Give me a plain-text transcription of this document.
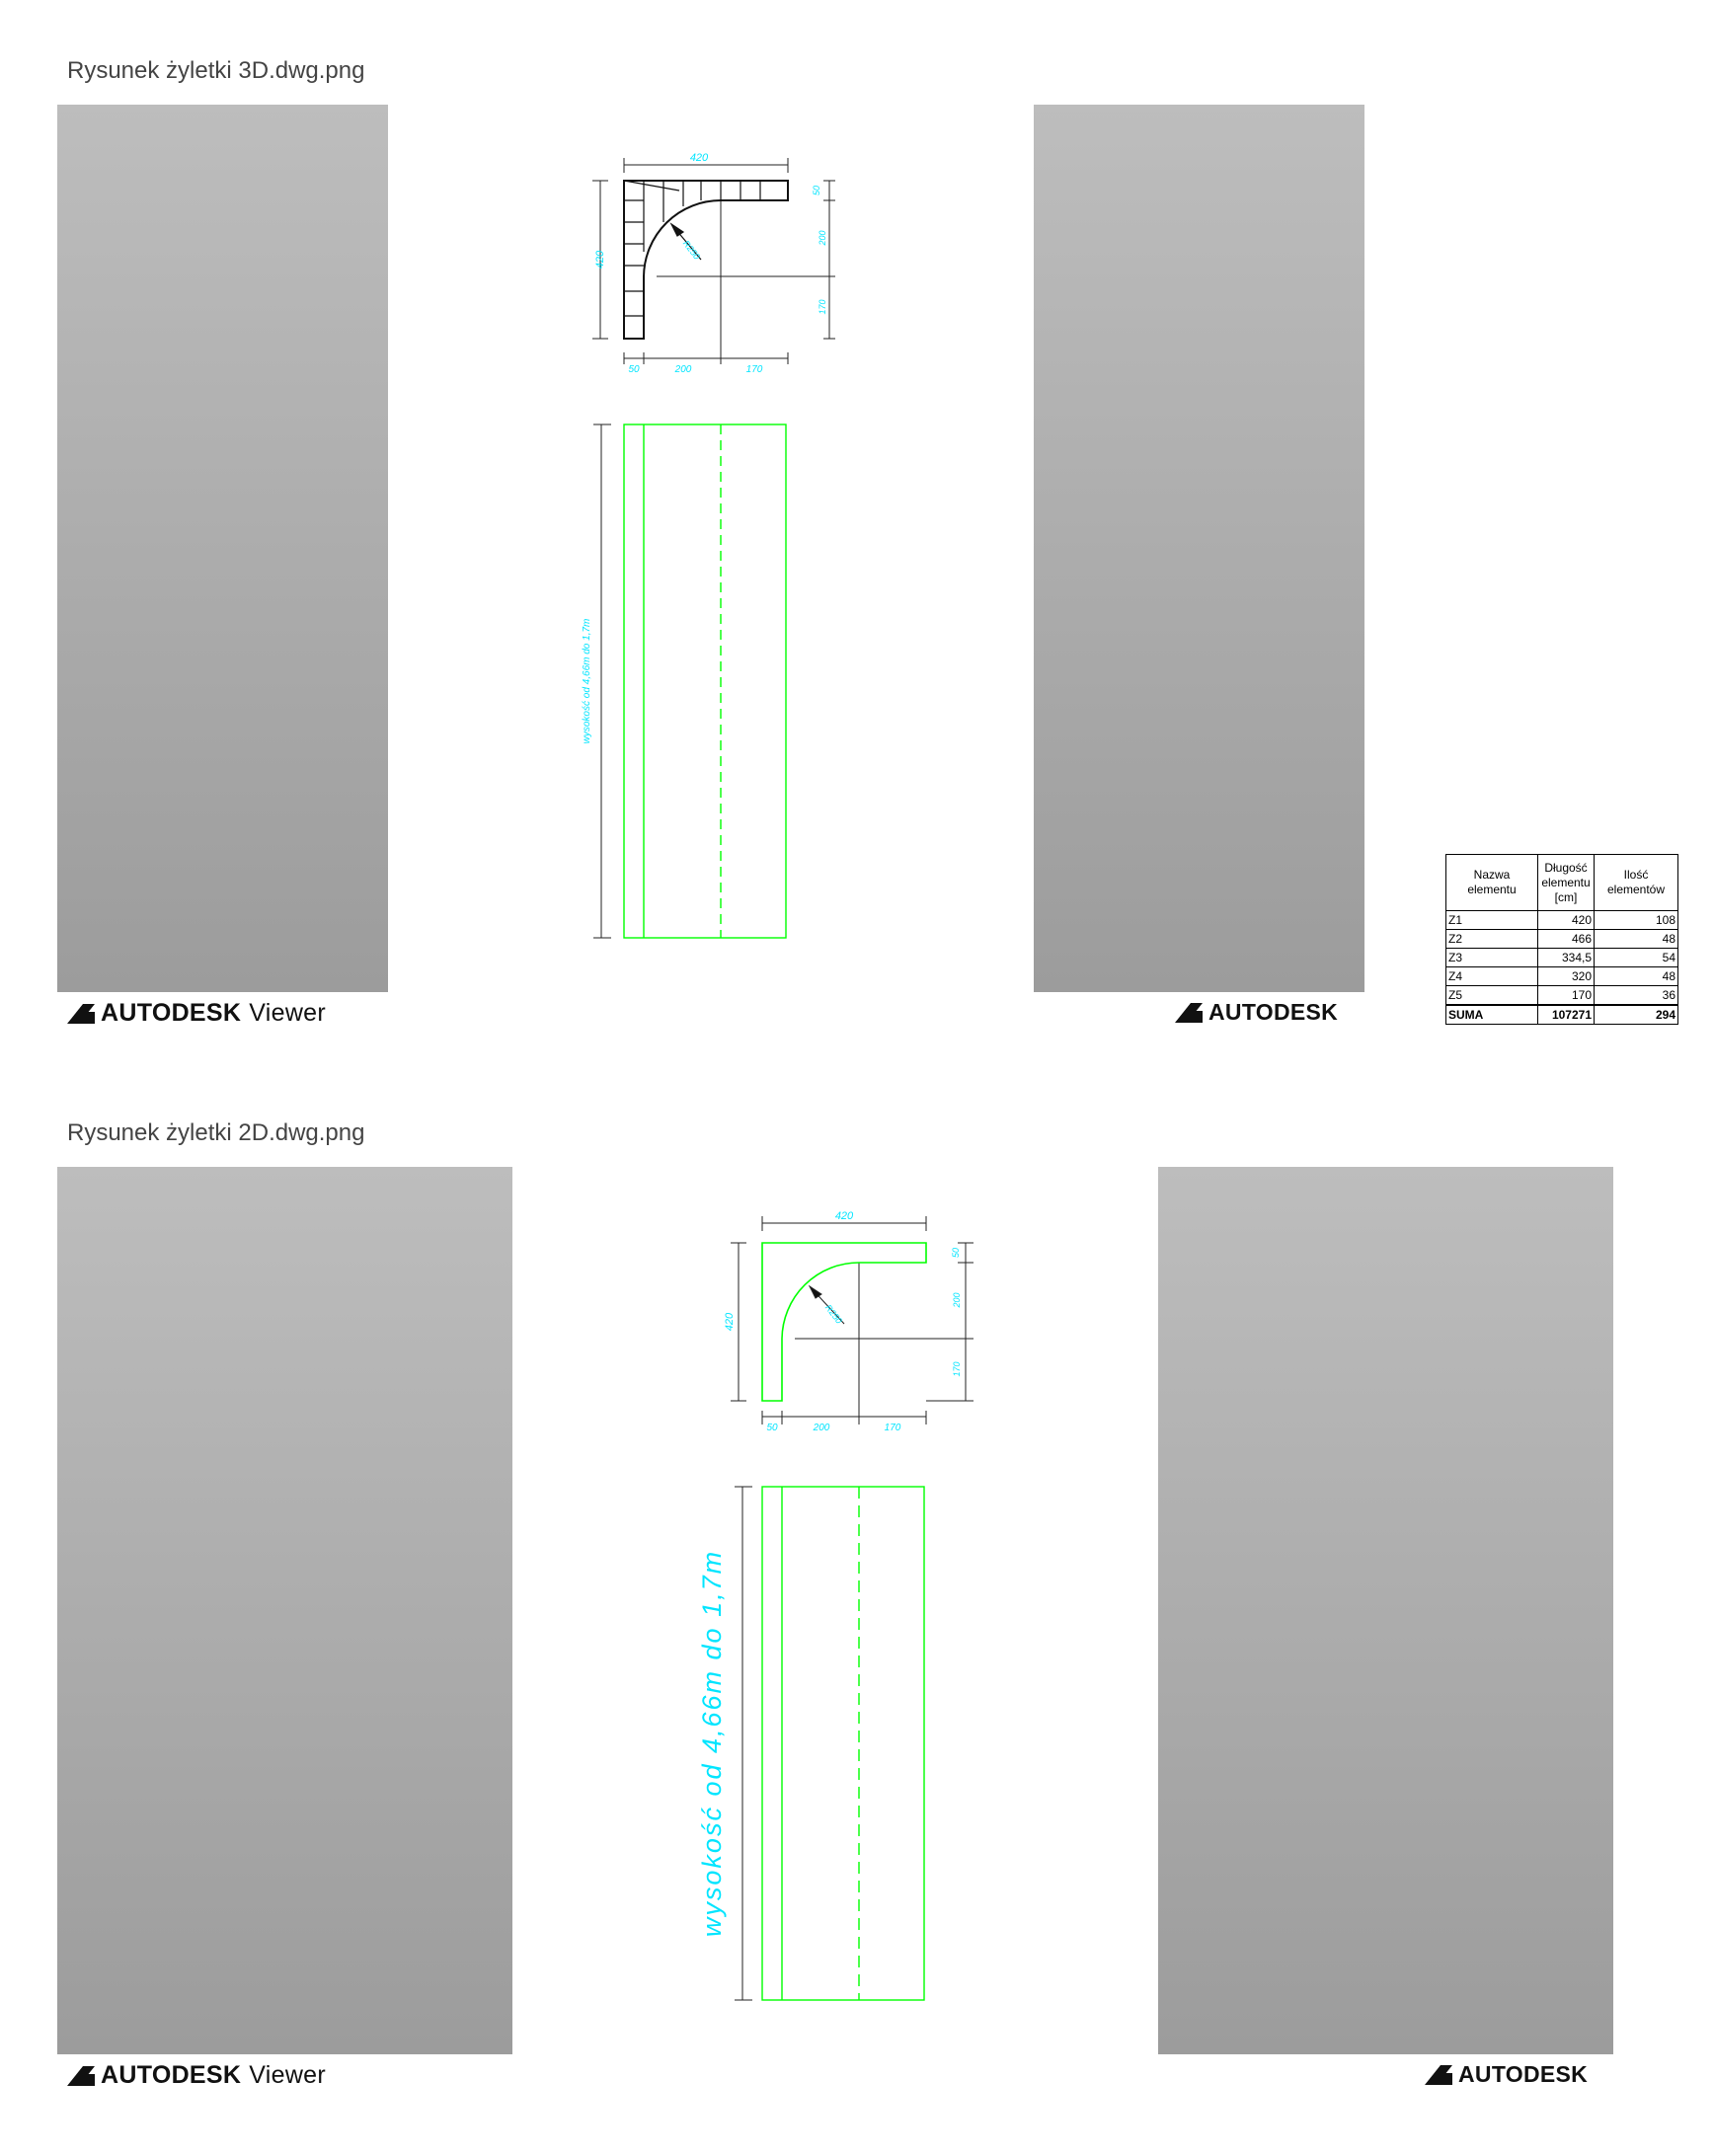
Rysunek żyletki 3D.dwg.png
AUTODESK Viewer	AUTODESK
420
420
50	200	170
50
200
170
R250
wysokość od 4,66m do 1,7m
Nazwa elementu	Długość elementu [cm]	Ilość elementów
Z1	420	108
Z2	466	48
Z3	334,5	54
Z4	320	48
Z5	170	36
SUMA	107271	294
Rysunek żyletki 2D.dwg.png
AUTODESK Viewer	AUTODESK
420
420
50	200	170
50
200
170
R250
wysokość od 4,66m do 1,7m
